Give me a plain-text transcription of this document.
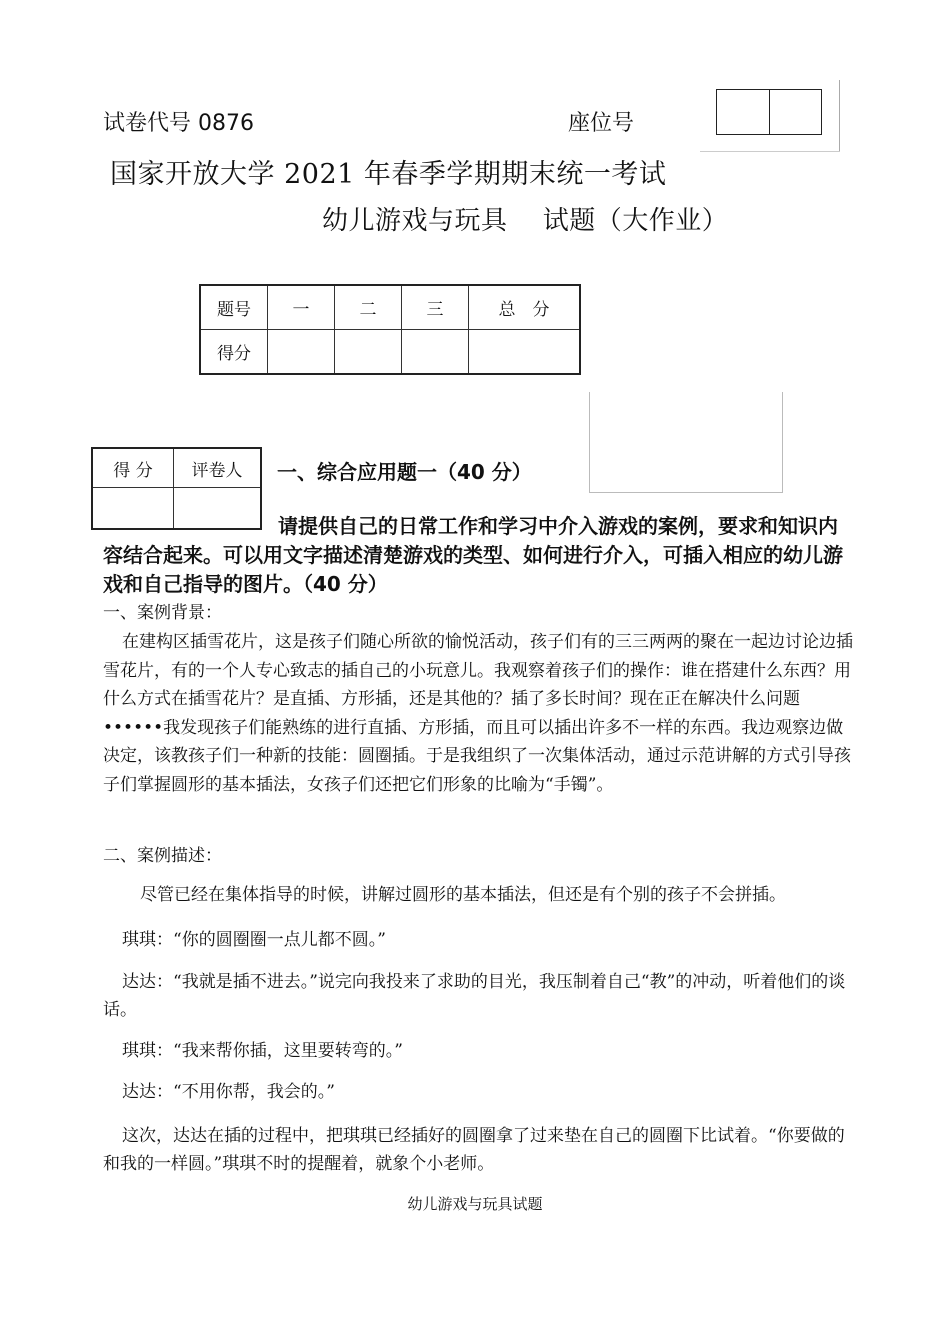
试卷代号 0876	座位号
国家开放大学 2021 年春季学期期末统一考试
幼儿游戏与玩具　 试题（大作业）
题号	一	二	三	总　分
得分				
得 分	评卷人
	一、综合应用题一（40 分）
请提供自己的日常工作和学习中介入游戏的案例，要求和知识内容结合起来。可以用文字描述清楚游戏的类型、如何进行介入，可插入相应的幼儿游戏和自己指导的图片。（40 分）
一、案例背景：
在建构区插雪花片，这是孩子们随心所欲的愉悦活动，孩子们有的三三两两的聚在一起边讨论边插雪花片，有的一个人专心致志的插自己的小玩意儿。我观察着孩子们的操作：谁在搭建什么东西？用什么方式在插雪花片？是直插、方形插，还是其他的？插了多长时间？现在正在解决什么问题••••••我发现孩子们能熟练的进行直插、方形插，而且可以插出许多不一样的东西。我边观察边做决定，该教孩子们一种新的技能：圆圈插。于是我组织了一次集体活动，通过示范讲解的方式引导孩子们掌握圆形的基本插法，女孩子们还把它们形象的比喻为“手镯”。
二、案例描述：
尽管已经在集体指导的时候，讲解过圆形的基本插法，但还是有个别的孩子不会拼插。
琪琪：“你的圆圈圈一点儿都不圆。”
达达：“我就是插不进去。”说完向我投来了求助的目光，我压制着自己“教”的冲动，听着他们的谈话。
琪琪：“我来帮你插，这里要转弯的。”
达达：“不用你帮，我会的。”
这次，达达在插的过程中，把琪琪已经插好的圆圈拿了过来垫在自己的圆圈下比试着。“你要做的和我的一样圆。”琪琪不时的提醒着，就象个小老师。
幼儿游戏与玩具试题
